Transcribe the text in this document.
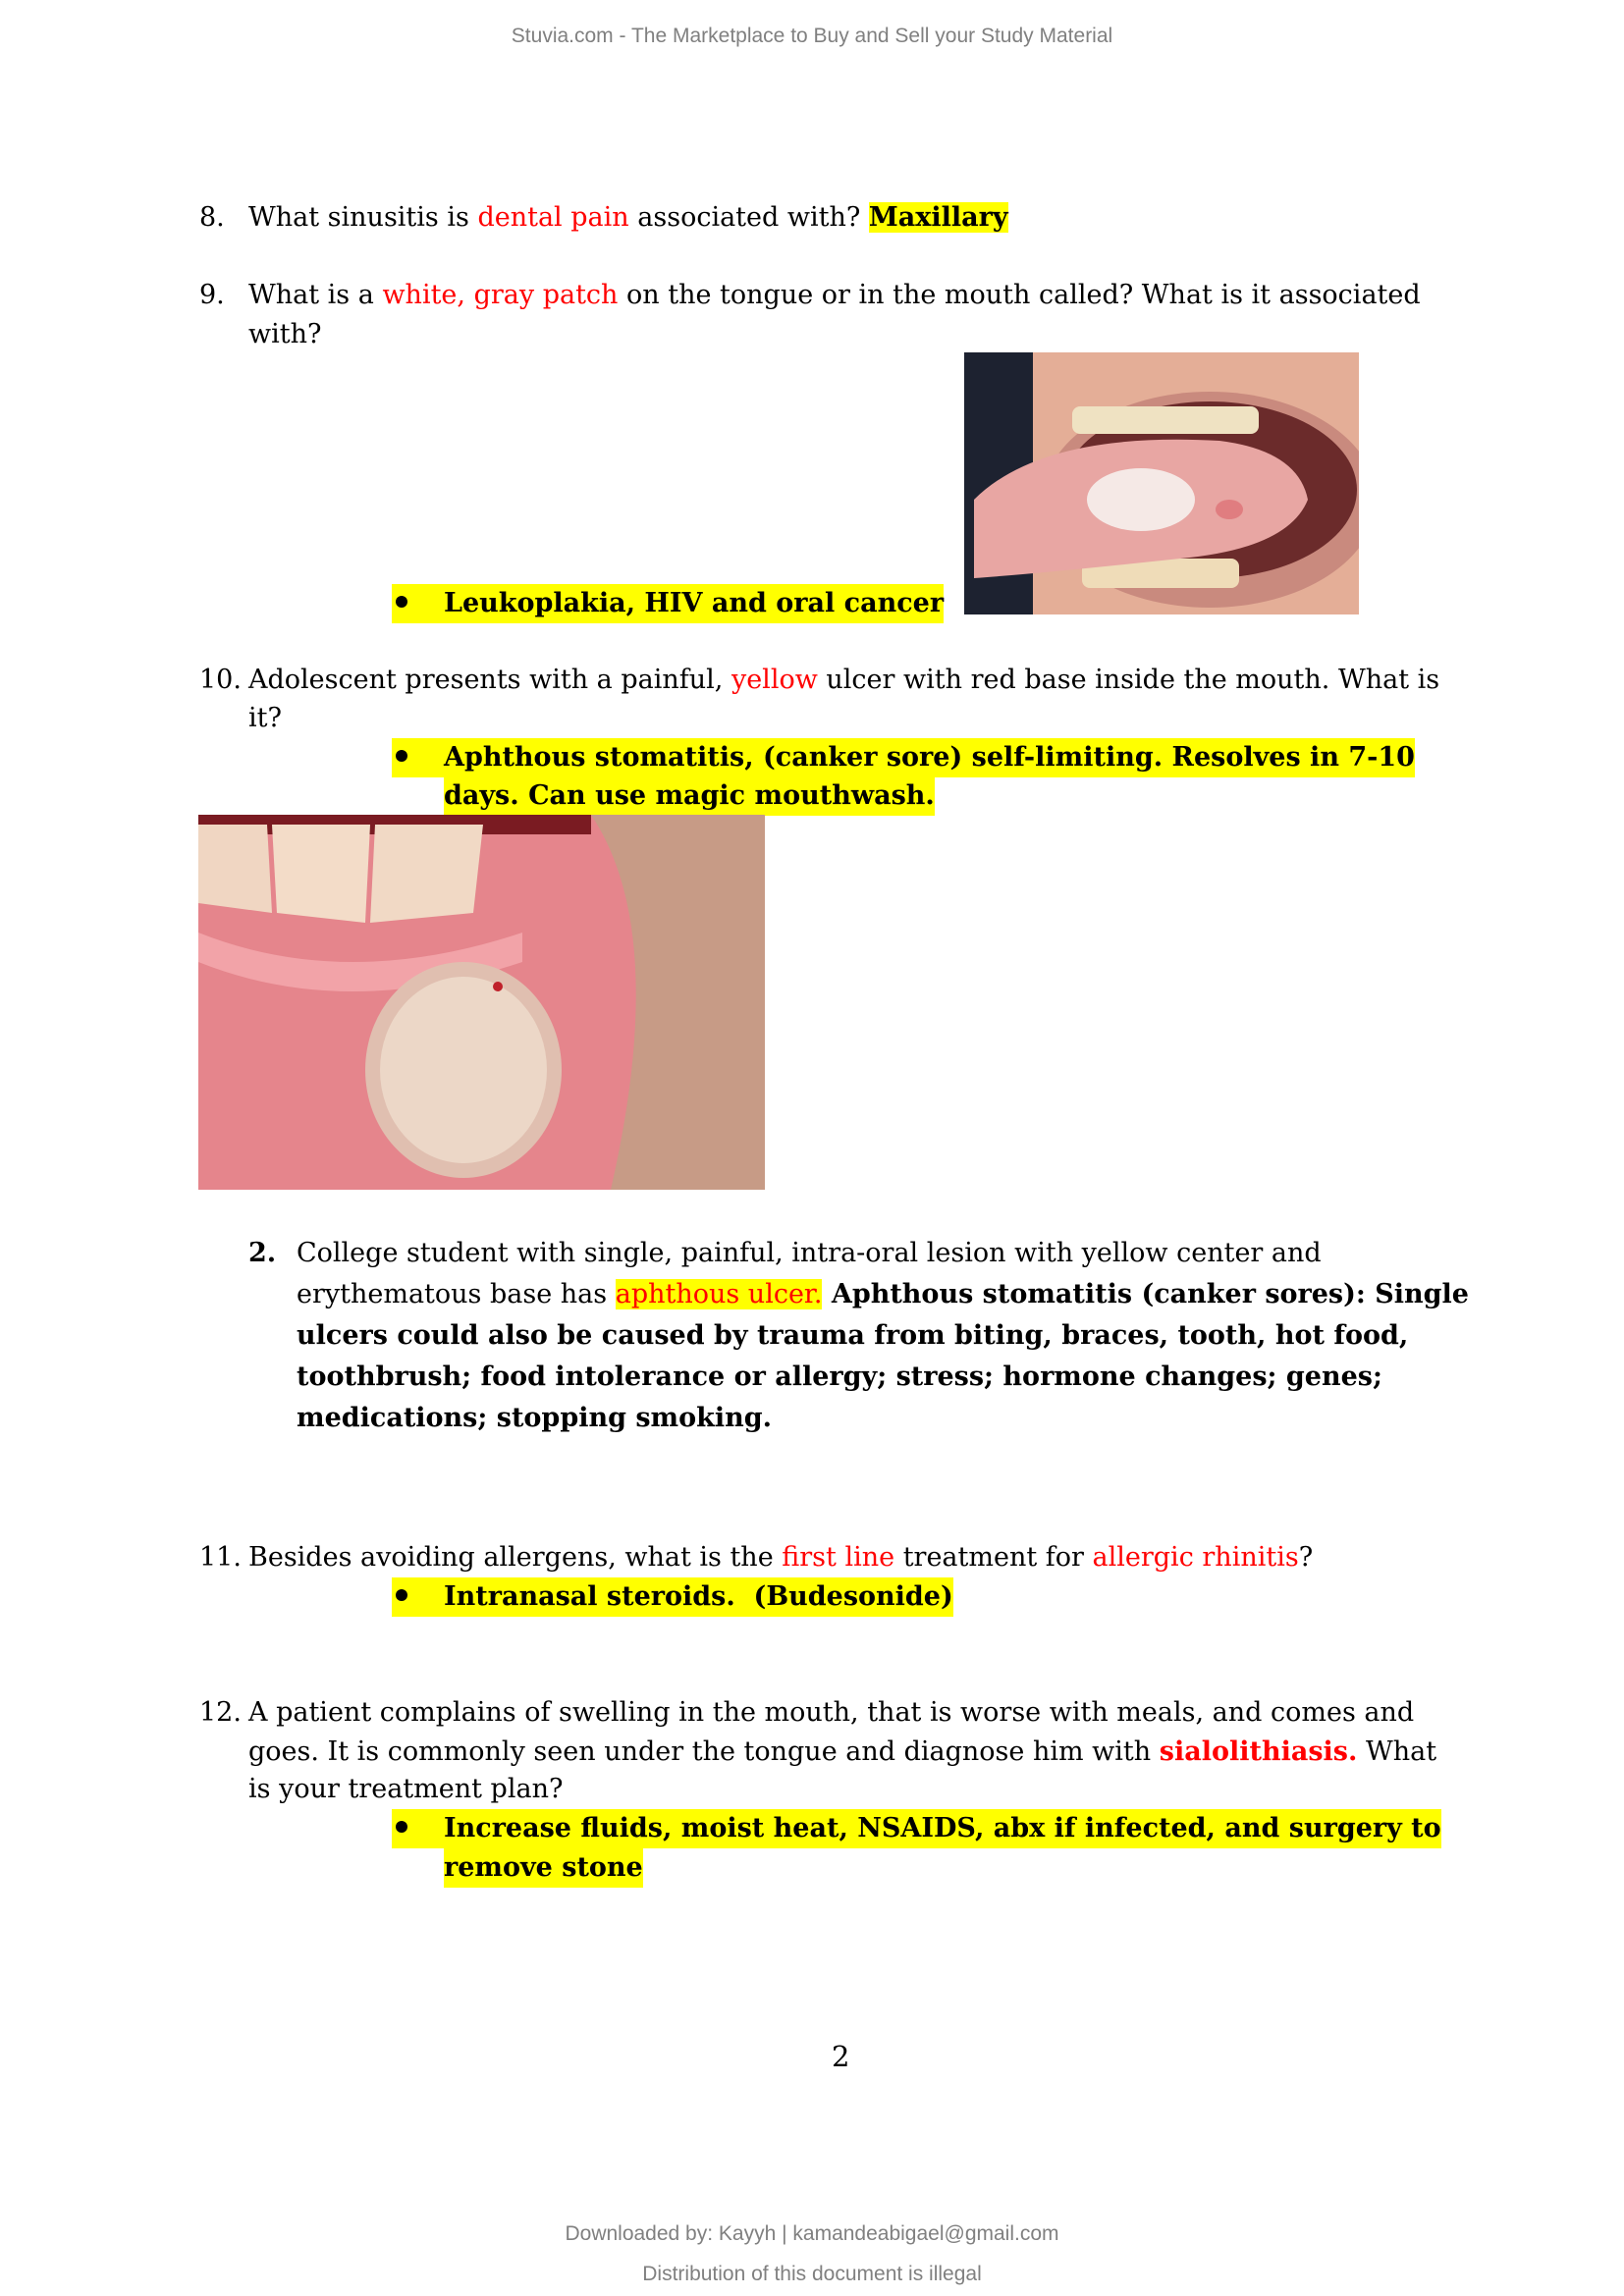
Stuvia.com - The Marketplace to Buy and Sell your Study Material
8. What sinusitis is dental pain associated with? Maxillary
9. What is a white, gray patch on the tongue or in the mouth called? What is it associated
with?
Leukoplakia, HIV and oral cancer
10. Adolescent presents with a painful, yellow ulcer with red base inside the mouth. What is
it?
Aphthous stomatitis, (canker sore) self-limiting. Resolves in 7-10
days. Can use magic mouthwash.
2. College student with single, painful, intra-oral lesion with yellow center and
erythematous base has aphthous ulcer. Aphthous stomatitis (canker sores): Single
ulcers could also be caused by trauma from biting, braces, tooth, hot food,
toothbrush; food intolerance or allergy; stress; hormone changes; genes;
medications; stopping smoking.
11. Besides avoiding allergens, what is the first line treatment for allergic rhinitis?
Intranasal steroids.  (Budesonide)
12. A patient complains of swelling in the mouth, that is worse with meals, and comes and
goes. It is commonly seen under the tongue and diagnose him with sialolithiasis. What
is your treatment plan?
Increase fluids, moist heat, NSAIDS, abx if infected, and surgery to
remove stone
2
Downloaded by: Kayyh | kamandeabigael@gmail.com
Distribution of this document is illegal
